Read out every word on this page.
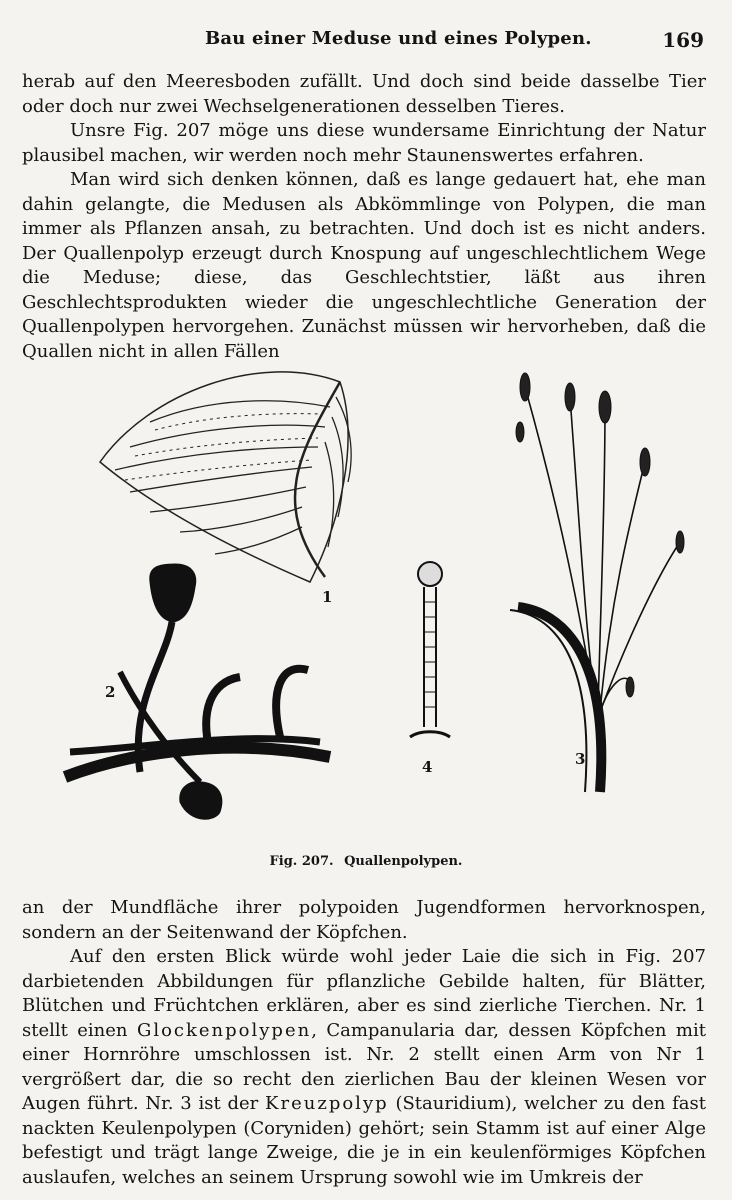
Bau einer Meduse und eines Polypen.	169

herab auf den Meeresboden zufällt. Und doch sind beide dasselbe Tier oder doch nur zwei Wechselgenerationen desselben Tieres.

Unsre Fig. 207 möge uns diese wundersame Einrichtung der Natur plausibel machen, wir werden noch mehr Staunenswertes erfahren.

Man wird sich denken können, daß es lange gedauert hat, ehe man dahin gelangte, die Medusen als Abkömmlinge von Polypen, die man immer als Pflanzen ansah, zu betrachten. Und doch ist es nicht anders. Der Quallenpolyp erzeugt durch Knospung auf ungeschlechtlichem Wege die Meduse; diese, das Geschlechtstier, läßt aus ihren Geschlechtsprodukten wieder die ungeschlechtliche Generation der Quallenpolypen hervorgehen. Zunächst müssen wir hervorheben, daß die Quallen nicht in allen Fällen

1
2
4	3
Fig. 207. Quallenpolypen.

an der Mundfläche ihrer polypoiden Jugendformen hervorknospen, sondern an der Seitenwand der Köpfchen.

Auf den ersten Blick würde wohl jeder Laie die sich in Fig. 207 darbietenden Abbildungen für pflanzliche Gebilde halten, für Blätter, Blütchen und Früchtchen erklären, aber es sind zierliche Tierchen. Nr. 1 stellt einen Glockenpolypen, Campanularia dar, dessen Köpfchen mit einer Hornröhre umschlossen ist. Nr. 2 stellt einen Arm von Nr 1 vergrößert dar, die so recht den zierlichen Bau der kleinen Wesen vor Augen führt. Nr. 3 ist der Kreuzpolyp (Stauridium), welcher zu den fast nackten Keulenpolypen (Coryniden) gehört; sein Stamm ist auf einer Alge befestigt und trägt lange Zweige, die je in ein keulenförmiges Köpfchen auslaufen, welches an seinem Ursprung sowohl wie im Umkreis der
